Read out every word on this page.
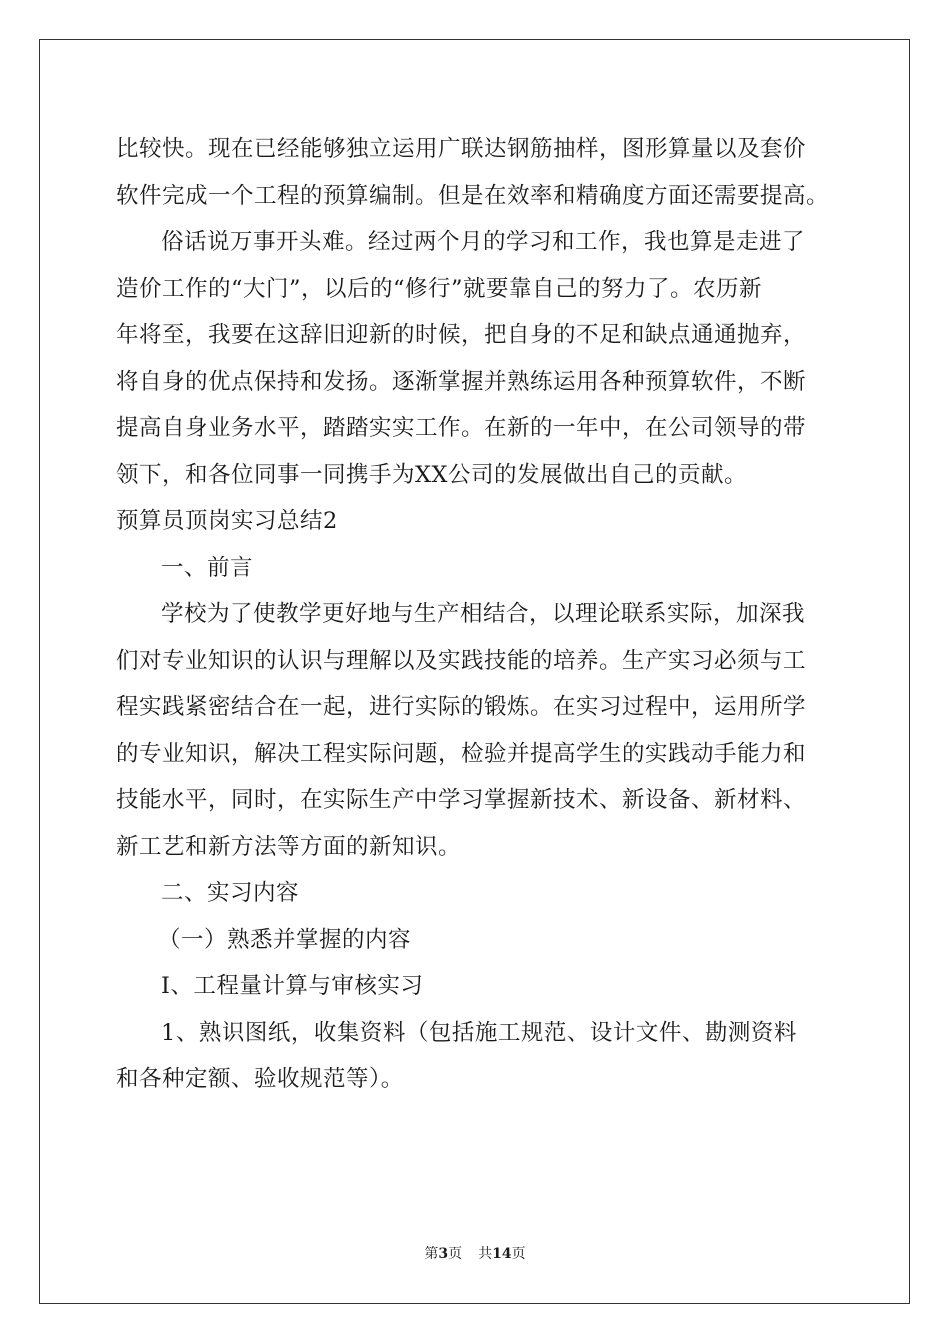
比较快。现在已经能够独立运用广联达钢筋抽样，图形算量以及套价
软件完成一个工程的预算编制。但是在效率和精确度方面还需要提高。
俗话说万事开头难。经过两个月的学习和工作，我也算是走进了
造价工作的“大门”，以后的“修行”就要靠自己的努力了。农历新
年将至，我要在这辞旧迎新的时候，把自身的不足和缺点通通抛弃，
将自身的优点保持和发扬。逐渐掌握并熟练运用各种预算软件，不断
提高自身业务水平，踏踏实实工作。在新的一年中，在公司领导的带
领下，和各位同事一同携手为XX公司的发展做出自己的贡献。
预算员顶岗实习总结2
一、前言
学校为了使教学更好地与生产相结合，以理论联系实际，加深我
们对专业知识的认识与理解以及实践技能的培养。生产实习必须与工
程实践紧密结合在一起，进行实际的锻炼。在实习过程中，运用所学
的专业知识，解决工程实际问题，检验并提高学生的实践动手能力和
技能水平，同时，在实际生产中学习掌握新技术、新设备、新材料、
新工艺和新方法等方面的新知识。
二、实习内容
（一）熟悉并掌握的内容
I、工程量计算与审核实习
1、熟识图纸，收集资料（包括施工规范、设计文件、勘测资料
和各种定额、验收规范等）。
第3页 共14页
